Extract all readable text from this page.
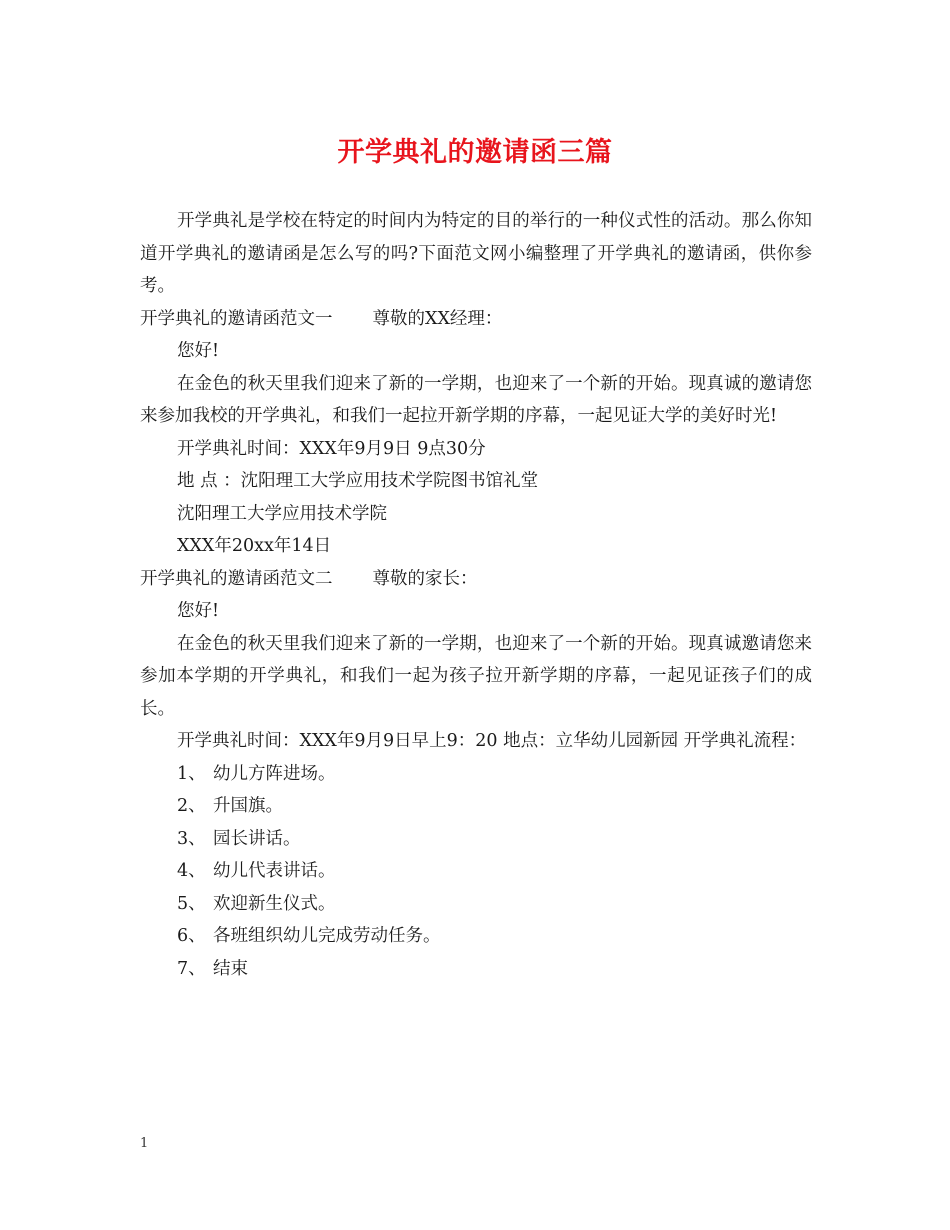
开学典礼的邀请函三篇

开学典礼是学校在特定的时间内为特定的目的举行的一种仪式性的活动。那么你知道开学典礼的邀请函是怎么写的吗?下面范文网小编整理了开学典礼的邀请函，供你参考。

开学典礼的邀请函范文一 尊敬的XX经理：

您好!

在金色的秋天里我们迎来了新的一学期，也迎来了一个新的开始。现真诚的邀请您来参加我校的开学典礼，和我们一起拉开新学期的序幕，一起见证大学的美好时光!

开学典礼时间：XXX年9月9日 9点30分

地 点 ：沈阳理工大学应用技术学院图书馆礼堂

沈阳理工大学应用技术学院

XXX年20xx年14日

开学典礼的邀请函范文二 尊敬的家长：

您好!

在金色的秋天里我们迎来了新的一学期，也迎来了一个新的开始。现真诚邀请您来参加本学期的开学典礼，和我们一起为孩子拉开新学期的序幕，一起见证孩子们的成长。

开学典礼时间：XXX年9月9日早上9：20 地点：立华幼儿园新园 开学典礼流程：

1、 幼儿方阵进场。

2、 升国旗。

3、 园长讲话。

4、 幼儿代表讲话。

5、 欢迎新生仪式。

6、 各班组织幼儿完成劳动任务。

7、 结束

1
